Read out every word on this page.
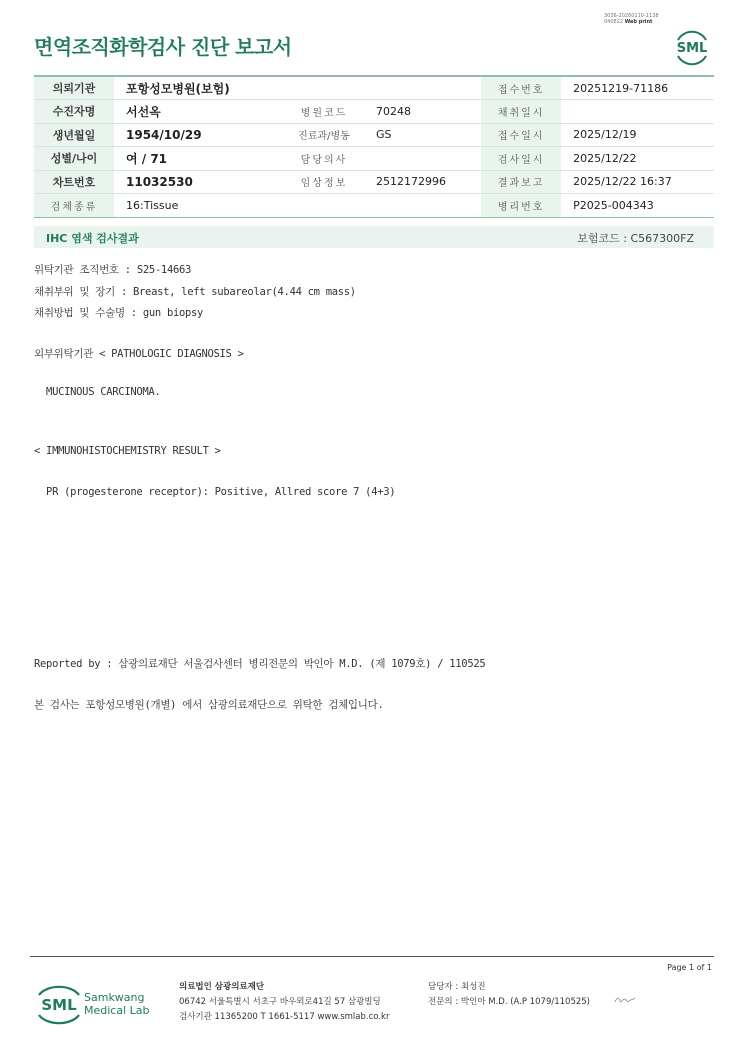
3036-20260110-1138
040822 Web print
면역조직화학검사 진단 보고서	SML
의뢰기관	포항성모병원(보험)			접수번호	20251219-71186
수진자명	서선옥	병원코드	70248	채취일시	
생년월일	1954/10/29	진료과/병동	GS	접수일시	2025/12/19
성별/나이	여 / 71	담당의사		검사일시	2025/12/22
차트번호	11032530	임상정보	2512172996	결과보고	2025/12/22 16:37
검체종류	16:Tissue			병리번호	P2025-004343
IHC 염색 검사결과	보험코드 : C567300FZ
위탁기관 조직번호 : S25-14663
채취부위 및 장기 : Breast, left subareolar(4.44 cm mass)
채취방법 및 수술명 : gun biopsy
외부위탁기관 < PATHOLOGIC DIAGNOSIS >
MUCINOUS CARCINOMA.
< IMMUNOHISTOCHEMISTRY RESULT >
PR (progesterone receptor): Positive, Allred score 7 (4+3)
Reported by : 삼광의료재단 서울검사센터 병리전문의 박인아 M.D. (제 1079호) / 110525
본 검사는 포항성모병원(개별) 에서 삼광의료재단으로 위탁한 검체입니다.
Page 1 of 1
SML Samkwang
Medical Lab
의료법인 삼광의료재단
06742 서울특별시 서초구 바우뫼로41길 57 삼광빌딩
검사기관 11365200 T 1661-5117 www.smlab.co.kr
담당자 : 최성진
전문의 : 박인아 M.D. (A.P 1079/110525)
